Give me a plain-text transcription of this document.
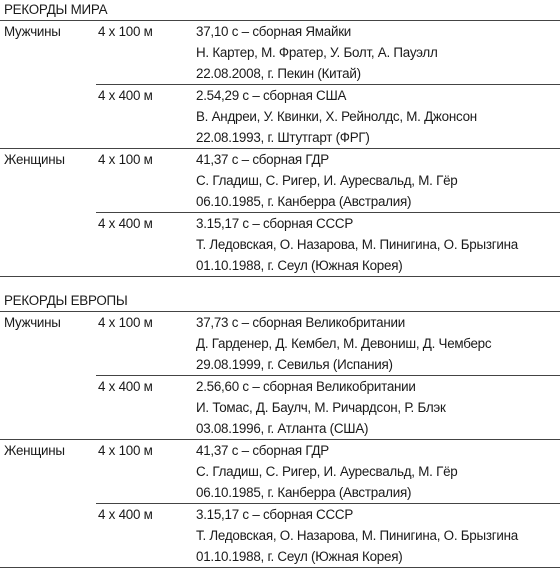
РЕКОРДЫ МИРА
Мужчины	4 x 100 м	37,10 с – сборная Ямайки
Н. Картер, М. Фратер, У. Болт, А. Пауэлл
22.08.2008, г. Пекин (Китай)
4 x 400 м	2.54,29 с – сборная США
В. Андреи, У. Квинки, Х. Рейнолдс, М. Джонсон
22.08.1993, г. Штутгарт (ФРГ)
Женщины 4 x 100 м	41,37 с – сборная ГДР
С. Гладиш, С. Ригер, И. Ауресвальд, М. Гёр
06.10.1985, г. Канберра (Австралия)
4 x 400 м	3.15,17 с – сборная СССР
Т. Ледовская, О. Назарова, М. Пинигина, О. Брызгина
01.10.1988, г. Сеул (Южная Корея)
РЕКОРДЫ ЕВРОПЫ
Мужчины	4 x 100 м	37,73 с – сборная Великобритании
Д. Гарденер, Д. Кембел, М. Девониш, Д. Чемберс
29.08.1999, г. Севилья (Испания)
4 x 400 м	2.56,60 с – сборная Великобритании
И. Томас, Д. Баулч, М. Ричардсон, Р. Блэк
03.08.1996, г. Атланта (США)
Женщины 4 x 100 м	41,37 с – сборная ГДР
С. Гладиш, С. Ригер, И. Ауресвальд, М. Гёр
06.10.1985, г. Канберра (Австралия)
4 x 400 м	3.15,17 с – сборная СССР
Т. Ледовская, О. Назарова, М. Пинигина, О. Брызгина
01.10.1988, г. Сеул (Южная Корея)
